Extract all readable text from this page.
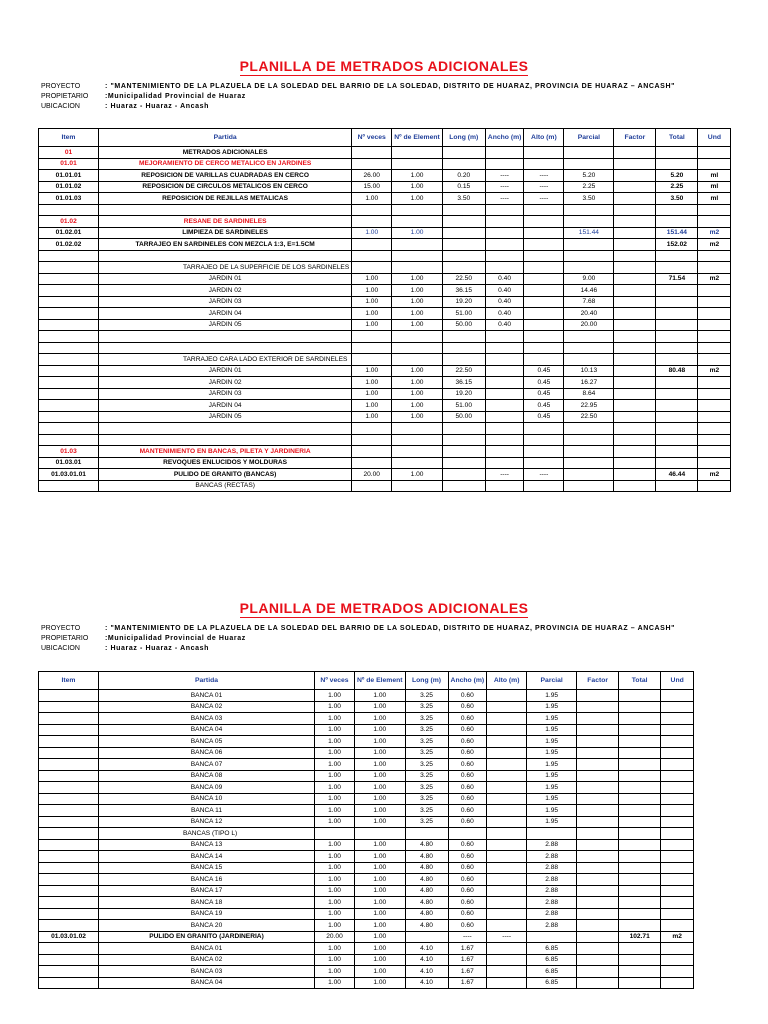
PLANILLA DE METRADOS ADICIONALES
PROYECTO	: "MANTENIMIENTO DE LA PLAZUELA DE LA SOLEDAD DEL BARRIO DE LA SOLEDAD, DISTRITO DE HUARAZ, PROVINCIA DE HUARAZ – ANCASH"
PROPIETARIO	:Municipalidad Provincial de Huaraz
UBICACION	: Huaraz - Huaraz - Ancash
Item	Partida	Nº veces	Nº de Element	Long (m)	Ancho (m)	Alto (m)	Parcial	Factor	Total	Und
01	METRADOS ADICIONALES									
01.01	MEJORAMIENTO DE CERCO METALICO EN JARDINES									
01.01.01	REPOSICION DE VARILLAS CUADRADAS EN CERCO	26.00	1.00	0.20	----	----	5.20		5.20	ml
01.01.02	REPOSICION DE CIRCULOS METALICOS EN CERCO	15.00	1.00	0.15	----	----	2.25		2.25	ml
01.01.03	REPOSICION DE REJILLAS METALICAS	1.00	1.00	3.50	----	----	3.50		3.50	ml

01.02	RESANE DE SARDINELES									
01.02.01	LIMPIEZA DE SARDINELES	1.00	1.00				151.44		151.44	m2
01.02.02	TARRAJEO EN SARDINELES CON MEZCLA 1:3, E=1.5CM								152.02	m2

	TARRAJEO DE LA SUPERFICIE DE LOS SARDINELES									
	JARDIN 01	1.00	1.00	22.50	0.40		9.00		71.54	m2
	JARDIN 02	1.00	1.00	36.15	0.40		14.46			
	JARDIN 03	1.00	1.00	19.20	0.40		7.68			
	JARDIN 04	1.00	1.00	51.00	0.40		20.40			
	JARDIN 05	1.00	1.00	50.00	0.40		20.00			

	TARRAJEO CARA LADO EXTERIOR DE SARDINELES									
	JARDIN 01	1.00	1.00	22.50		0.45	10.13		80.48	m2
	JARDIN 02	1.00	1.00	36.15		0.45	16.27			
	JARDIN 03	1.00	1.00	19.20		0.45	8.64			
	JARDIN 04	1.00	1.00	51.00		0.45	22.95			
	JARDIN 05	1.00	1.00	50.00		0.45	22.50			

01.03	MANTENIMIENTO EN BANCAS, PILETA Y JARDINERIA									
01.03.01	REVOQUES ENLUCIDOS Y MOLDURAS									
01.03.01.01	PULIDO DE GRANITO (BANCAS)	20.00	1.00		----	----			46.44	m2
	BANCAS (RECTAS)									
PLANILLA DE METRADOS ADICIONALES
PROYECTO	: "MANTENIMIENTO DE LA PLAZUELA DE LA SOLEDAD DEL BARRIO DE LA SOLEDAD, DISTRITO DE HUARAZ, PROVINCIA DE HUARAZ – ANCASH"
PROPIETARIO	:Municipalidad Provincial de Huaraz
UBICACION	: Huaraz - Huaraz - Ancash
Item	Partida	Nº veces	Nº de Element	Long (m)	Ancho (m)	Alto (m)	Parcial	Factor	Total	Und
	BANCA 01	1.00	1.00	3.25	0.60		1.95			
	BANCA 02	1.00	1.00	3.25	0.60		1.95			
	BANCA 03	1.00	1.00	3.25	0.60		1.95			
	BANCA 04	1.00	1.00	3.25	0.60		1.95			
	BANCA 05	1.00	1.00	3.25	0.60		1.95			
	BANCA 06	1.00	1.00	3.25	0.60		1.95			
	BANCA 07	1.00	1.00	3.25	0.60		1.95			
	BANCA 08	1.00	1.00	3.25	0.60		1.95			
	BANCA 09	1.00	1.00	3.25	0.60		1.95			
	BANCA 10	1.00	1.00	3.25	0.60		1.95			
	BANCA 11	1.00	1.00	3.25	0.60		1.95			
	BANCA 12	1.00	1.00	3.25	0.60		1.95			
	BANCAS (TIPO L)									
	BANCA 13	1.00	1.00	4.80	0.60		2.88			
	BANCA 14	1.00	1.00	4.80	0.60		2.88			
	BANCA 15	1.00	1.00	4.80	0.60		2.88			
	BANCA 16	1.00	1.00	4.80	0.60		2.88			
	BANCA 17	1.00	1.00	4.80	0.60		2.88			
	BANCA 18	1.00	1.00	4.80	0.60		2.88			
	BANCA 19	1.00	1.00	4.80	0.60		2.88			
	BANCA 20	1.00	1.00	4.80	0.60		2.88			
01.03.01.02	PULIDO EN GRANITO (JARDINERIA)	20.00	1.00		----	----			102.71	m2
	BANCA 01	1.00	1.00	4.10	1.67		6.85			
	BANCA 02	1.00	1.00	4.10	1.67		6.85			
	BANCA 03	1.00	1.00	4.10	1.67		6.85			
	BANCA 04	1.00	1.00	4.10	1.67		6.85			
